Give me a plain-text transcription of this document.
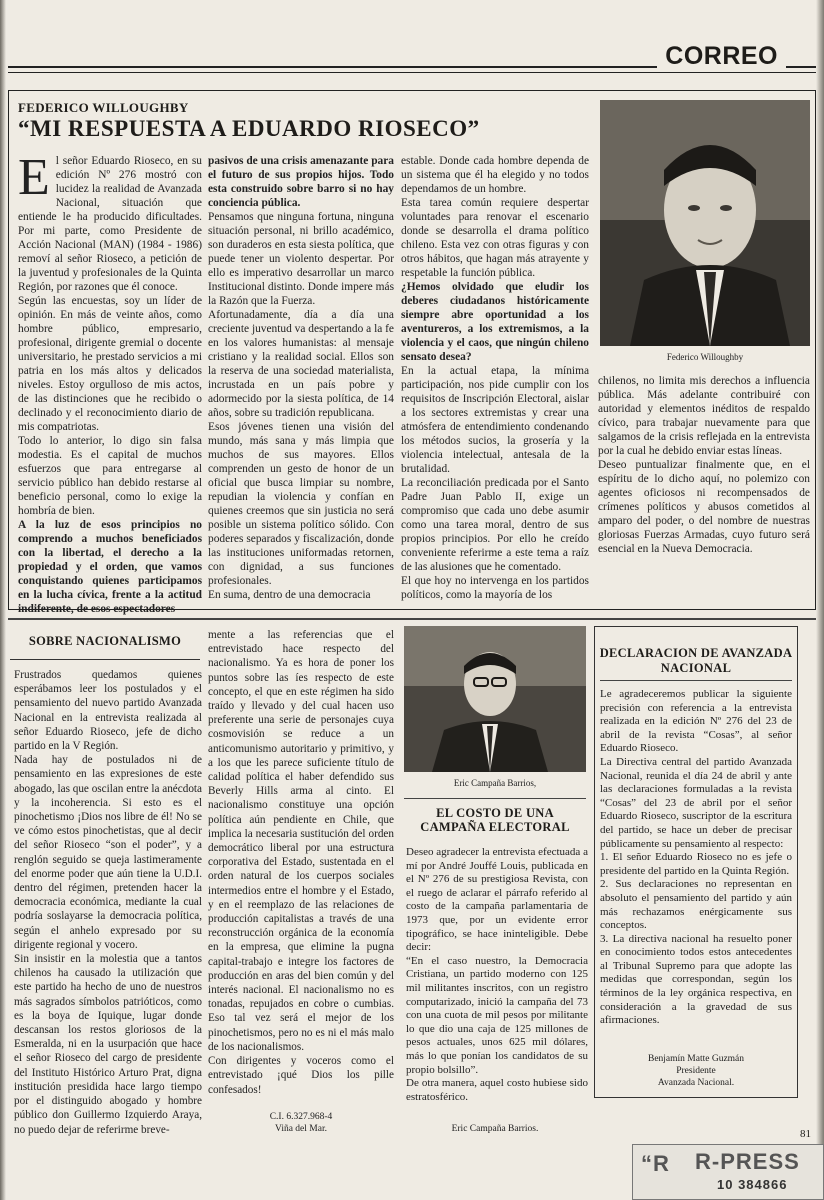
CORREO
FEDERICO WILLOUGHBY
“MI RESPUESTA A EDUARDO RIOSECO”

El señor Eduardo Rioseco, en su edición Nº 276 mostró con lucidez la realidad de Avanzada Nacional, situación que entiende le ha producido dificultades. Por mi parte, como Presidente de Acción Nacional (MAN) (1984 - 1986) removí al señor Rioseco, a petición de la juventud y profesionales de la Quinta Región, por razones que él conoce.

Según las encuestas, soy un líder de opinión. En más de veinte años, como hombre público, empresario, profesional, dirigente gremial o docente universitario, he prestado servicios a mi patria en los más altos y delicados niveles. Estoy orgulloso de mis actos, de las distinciones que he recibido o declinado y el reconocimiento diario de mis compatriotas.

Todo lo anterior, lo digo sin falsa modestia. Es el capital de muchos esfuerzos que para entregarse al servicio público han debido restarse al beneficio personal, como lo exige la hombría de bien.

A la luz de esos principios no comprendo a muchos beneficiados con la libertad, el derecho a la propiedad y el orden, que vamos conquistando quienes participamos en la lucha cívica, frente a la actitud indiferente, de esos espectadores

pasivos de una crisis amenazante para el futuro de sus propios hijos. Todo esta construido sobre barro si no hay conciencia pública.

Pensamos que ninguna fortuna, ninguna situación personal, ni brillo académico, son duraderos en esta siesta política, que puede tener un violento despertar. Por ello es imperativo desarrollar un marco Institucional distinto. Donde impere más la Razón que la Fuerza.

Afortunadamente, día a día una creciente juventud va despertando a la fe en los valores humanistas: al mensaje cristiano y la realidad social. Ellos son la reserva de una sociedad materialista, incrustada en un país pobre y adormecido por la siesta política, de 14 años, sobre su tradición republicana.

Esos jóvenes tienen una visión del mundo, más sana y más limpia que muchos de sus mayores. Ellos comprenden un gesto de honor de un oficial que busca limpiar su nombre, repudian la violencia y confían en quienes creemos que sin justicia no será posible un sistema político sólido. Con poderes separados y fiscalización, donde las instituciones uniformadas retornen, con dignidad, a sus funciones profesionales.

En suma, dentro de una democracia

estable. Donde cada hombre dependa de un sistema que él ha elegido y no todos dependamos de un hombre.

Esta tarea común requiere despertar voluntades para renovar el escenario donde se desarrolla el drama político chileno. Esta vez con otras figuras y con otros hábitos, que hagan más atrayente y respetable la función pública.

¿Hemos olvidado que eludir los deberes ciudadanos históricamente siempre abre oportunidad a los aventureros, a los extremismos, a la violencia y el caos, que ningún chileno sensato desea?

En la actual etapa, la mínima participación, nos pide cumplir con los requisitos de Inscripción Electoral, aislar a los sectores extremistas y crear una atmósfera de entendimiento condenando los métodos sucios, la grosería y la violencia intelectual, antesala de la brutalidad.

La reconciliación predicada por el Santo Padre Juan Pablo II, exige un compromiso que cada uno debe asumir como una tarea moral, dentro de sus propios principios. Por ello he creído conveniente referirme a este tema a raíz de las alusiones que he comentado.

El que hoy no intervenga en los partidos políticos, como la mayoría de los

Federico Willoughby

chilenos, no limita mis derechos a influencia pública. Más adelante contribuiré con autoridad y elementos inéditos de respaldo cívico, para trabajar nuevamente para que salgamos de la crisis reflejada en la entrevista por la cual he debido enviar estas líneas.

Deseo puntualizar finalmente que, en el espíritu de lo dicho aquí, no polemizo con agentes oficiosos ni recompensados de crímenes políticos y abusos cometidos al amparo del poder, o del nombre de nuestras gloriosas Fuerzas Armadas, cuyo futuro será esencial en la Nueva Democracia.

SOBRE NACIONALISMO

Frustrados quedamos quienes esperábamos leer los postulados y el pensamiento del nuevo partido Avanzada Nacional en la entrevista realizada al señor Eduardo Rioseco, jefe de dicho partido en la V Región.

Nada hay de postulados ni de pensamiento en las expresiones de este abogado, las que oscilan entre la anécdota y la incoherencia. Si esto es el pinochetismo ¡Dios nos libre de él! No se ve cómo estos pinochetistas, que al decir del señor Rioseco “son el poder”, y a renglón seguido se queja lastimeramente del enorme poder que aún tiene la U.D.I. dentro del régimen, pretenden hacer la democracia económica, mediante la cual podría soslayarse la democracia política, según el anhelo expresado por su dirigente regional y vocero.

Sin insistir en la molestia que a tantos chilenos ha causado la utilización que este partido ha hecho de uno de nuestros más sagrados símbolos patrióticos, como es la boya de Iquique, lugar donde descansan los restos gloriosos de la Esmeralda, ni en la usurpación que hace el señor Rioseco del cargo de presidente del Instituto Histórico Arturo Prat, digna institución presidida hace largo tiempo por el distinguido abogado y hombre público don Guillermo Izquierdo Araya, no puedo dejar de referirme breve-

mente a las referencias que el entrevistado hace respecto del nacionalismo. Ya es hora de poner los puntos sobre las íes respecto de este concepto, el que en este régimen ha sido traído y llevado y del cual hacen uso preferente una serie de personajes cuya cosmovisión se reduce a un anticomunismo autoritario y primitivo, y a los que les parece suficiente título de calidad política el haber defendido sus Beverly Hills arma al cinto. El nacionalismo constituye una opción política aún pendiente en Chile, que implica la necesaria sustitución del orden democrático liberal por una estructura corporativa del Estado, sustentada en el orden natural de los cuerpos sociales intermedios entre el hombre y el Estado, y en el reemplazo de las relaciones de producción capitalistas a través de una reconstrucción orgánica de la economía en la empresa, que elimine la pugna capital-trabajo e integre los factores de producción en aras del bien común y del interés nacional. El nacionalismo no es tonadas, repujados en cobre o cumbias. Eso tal vez será el mejor de los pinochetismos, pero no es ni el más malo de los nacionalismos.

Con dirigentes y voceros como el entrevistado ¡qué Dios los pille confesados!

C.I. 6.327.968-4
Viña del Mar.
Eric Campaña Barrios,
EL COSTO DE UNA CAMPAÑA ELECTORAL

Deseo agradecer la entrevista efectuada a mí por André Jouffé Louis, publicada en el Nº 276 de su prestigiosa Revista, con el ruego de aclarar el párrafo referido al costo de la campaña parlamentaria de 1973 que, por un evidente error tipográfico, se hace ininteligible. Debe decir:

“En el caso nuestro, la Democracia Cristiana, un partido moderno con 125 mil militantes inscritos, con un registro computarizado, inició la campaña del 73 con una cuota de mil pesos por militante lo que dio una caja de 125 millones de pesos actuales, unos 625 mil dólares, más lo que ponían los candidatos de su propio bolsillo”.

De otra manera, aquel costo hubiese sido estratosférico.

Eric Campaña Barrios.
DECLARACION DE AVANZADA NACIONAL

Le agradeceremos publicar la siguiente precisión con referencia a la entrevista realizada en la edición Nº 276 del 23 de abril de la revista “Cosas”, al señor Eduardo Rioseco.

La Directiva central del partido Avanzada Nacional, reunida el día 24 de abril y ante las declaraciones formuladas a la revista “Cosas” del 23 de abril por el señor Eduardo Rioseco, suscriptor de la escritura del partido, se hace un deber de precisar públicamente su pensamiento al respecto:

1. El señor Eduardo Rioseco no es jefe o presidente del partido en la Quinta Región.

2. Sus declaraciones no representan en absoluto el pensamiento del partido y aún más rechazamos enérgicamente sus conceptos.

3. La directiva nacional ha resuelto poner en conocimiento todos estos antecedentes al Tribunal Supremo para que adopte las medidas que correspondan, según los términos de la ley orgánica respectiva, en consideración a la gravedad de sus afirmaciones.

Benjamín Matte Guzmán
Presidente
Avanzada Nacional.
81
“R R-PRESS
10 384866
